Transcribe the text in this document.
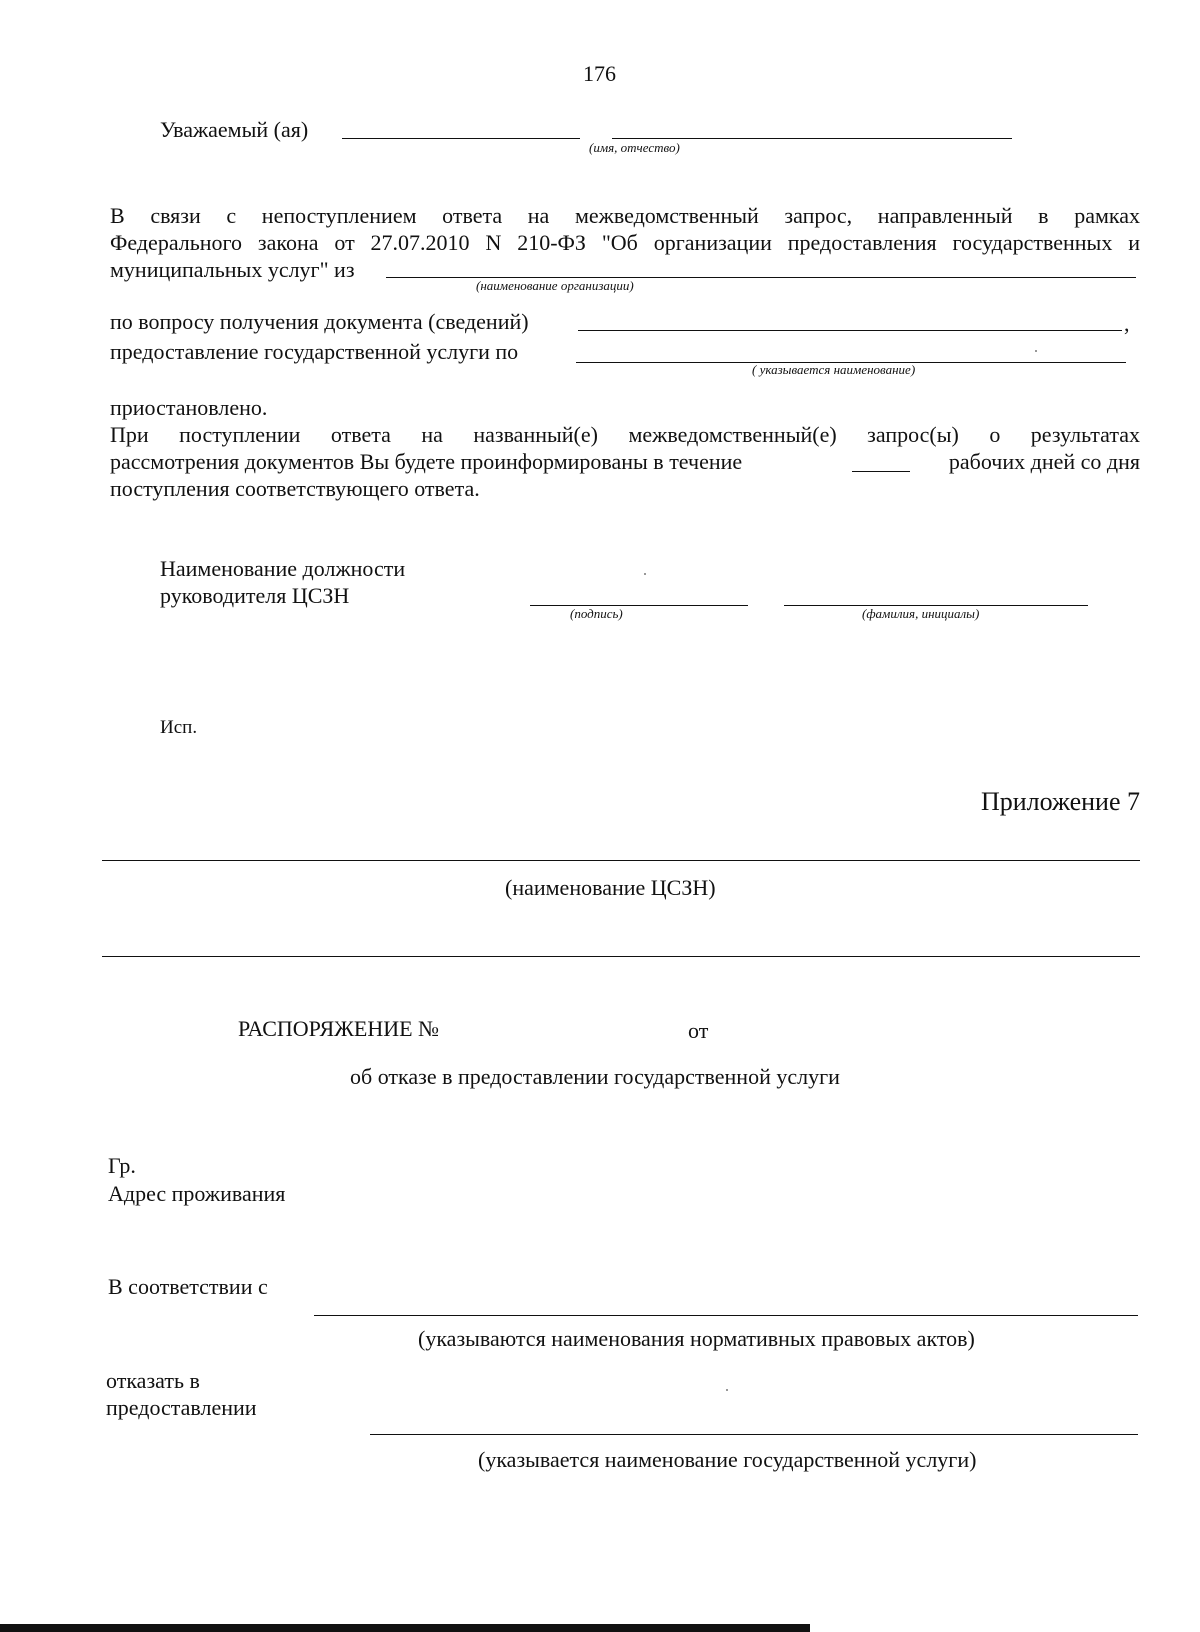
176
Уважаемый (ая)
(имя, отчество)
В связи с непоступлением ответа на межведомственный запрос, направленный в рамках
Федерального закона от 27.07.2010 N 210-ФЗ "Об организации предоставления государственных и
муниципальных услуг" из
(наименование организации)
по вопросу получения документа (сведений)	,
предоставление государственной услуги по
( указывается наименование)
приостановлено.
При поступлении ответа на названный(е) межведомственный(е) запрос(ы) о результатах
рассмотрения документов Вы будете проинформированы в течение	рабочих дней со дня
поступления соответствующего ответа.
Наименование должности
руководителя ЦСЗН
(подпись)	(фамилия, инициалы)
Исп.
Приложение 7
(наименование ЦСЗН)
РАСПОРЯЖЕНИЕ №	от
об отказе в предоставлении государственной услуги
Гр.
Адрес проживания
В соответствии с
(указываются наименования нормативных правовых актов)
отказать в
предоставлении
(указывается наименование государственной услуги)
